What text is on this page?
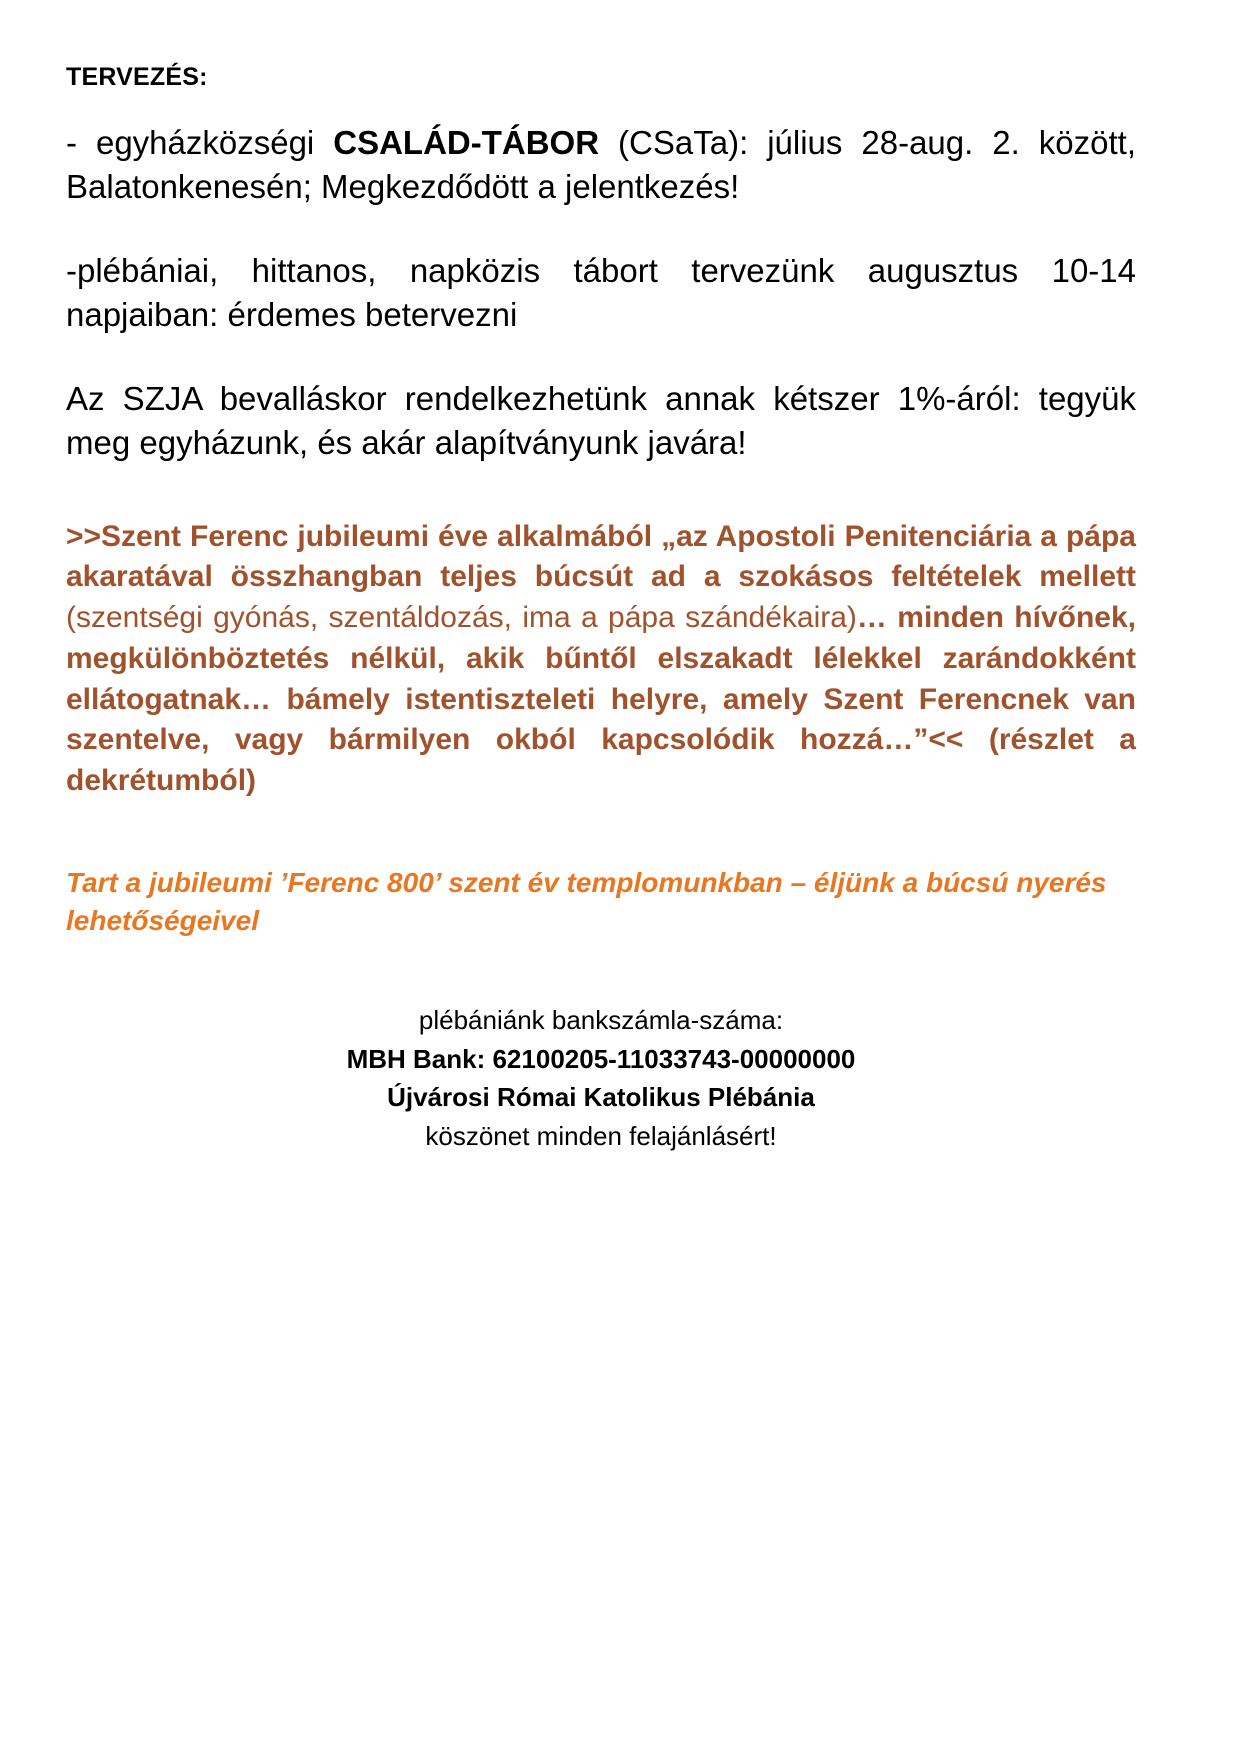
TERVEZÉS:

- egyházközségi CSALÁD-TÁBOR (CSaTa): július 28-aug. 2. között, Balatonkenesén; Megkezdődött a jelentkezés!

-plébániai, hittanos, napközis tábort tervezünk augusztus 10-14 napjaiban: érdemes betervezni

Az SZJA bevalláskor rendelkezhetünk annak kétszer 1%-áról: tegyük meg egyházunk, és akár alapítványunk javára!

>>Szent Ferenc jubileumi éve alkalmából „az Apostoli Penitenciária a pápa akaratával összhangban teljes búcsút ad a szokásos feltételek mellett (szentségi gyónás, szentáldozás, ima a pápa szándékaira)… minden hívőnek, megkülönböztetés nélkül, akik bűntől elszakadt lélekkel zarándokként ellátogatnak… bámely istentiszteleti helyre, amely Szent Ferencnek van szentelve, vagy bármilyen okból kapcsolódik hozzá…”<< (részlet a dekrétumból)

Tart a jubileumi ’Ferenc 800’ szent év templomunkban – éljünk a búcsú nyerés lehetőségeivel

plébániánk bankszámla-száma:
MBH Bank: 62100205-11033743-00000000
Újvárosi Római Katolikus Plébánia
köszönet minden felajánlásért!
